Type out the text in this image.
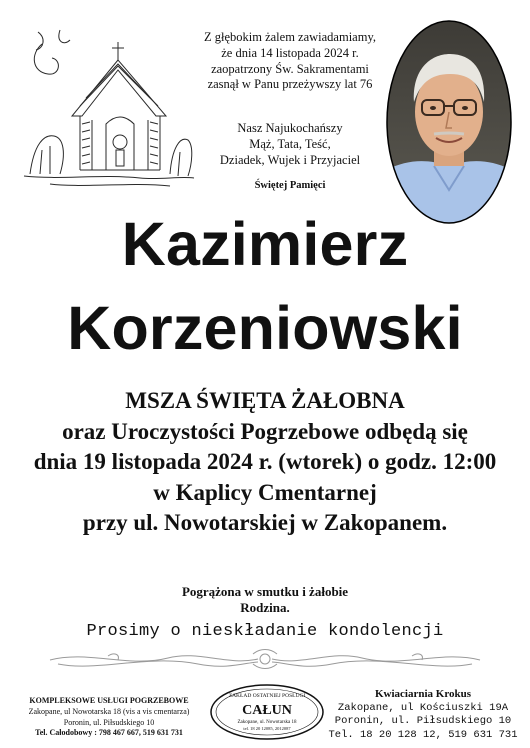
Z głębokim żalem zawiadamiamy,
że dnia 14 listopada 2024 r.
zaopatrzony Św. Sakramentami
zasnął w Panu przeżywszy lat 76
Nasz Najukochańszy
Mąż, Tata, Teść,
Dziadek, Wujek i Przyjaciel
Świętej Pamięci
Kazimierz
Korzeniowski
MSZA ŚWIĘTA ŻAŁOBNA
oraz Uroczystości Pogrzebowe odbędą się
dnia 19 listopada 2024 r. (wtorek) o godz. 12:00
w Kaplicy Cmentarnej
przy ul. Nowotarskiej w Zakopanem.
Pogrążona w smutku i żałobie
Rodzina.
Prosimy o nieskładanie kondolencji
KOMPLEKSOWE USŁUGI POGRZEBOWE
Zakopane, ul Nowotarska 18 (vis a vis cmentarza)
Poronin, ul. Piłsudskiego 10
Tel. Całodobowy : 798 467 667, 519 631 731
ZAKŁAD OSTATNIEJ POSŁUGI
CAŁUN
Zakopane, ul. Nowotarska 18
tel. 18 20 12085, 2012087
Kwiaciarnia Krokus
Zakopane, ul Kościuszki 19A
Poronin, ul. Piłsudskiego 10
Tel. 18 20 128 12, 519 631 731
